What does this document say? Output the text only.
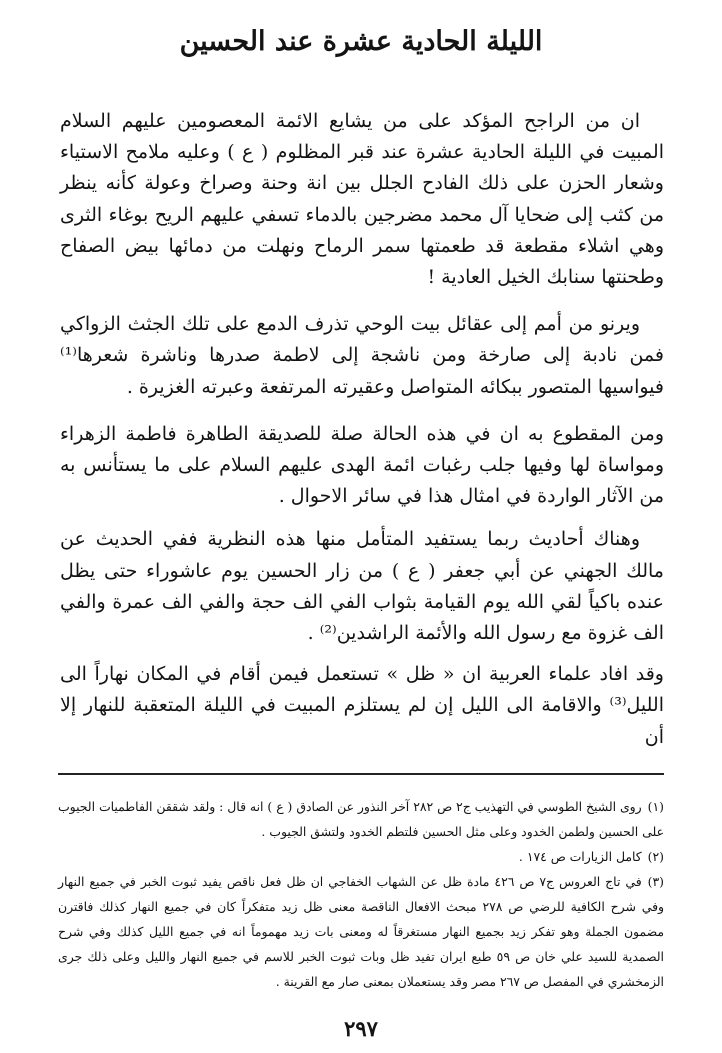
الليلة الحادية عشرة عند الحسين

ان من الراجح المؤكد على من يشايع الائمة المعصومين عليهم السلام المبيت في الليلة الحادية عشرة عند قبر المظلوم ( ع ) وعليه ملامح الاستياء وشعار الحزن على ذلك الفادح الجلل بين انة وحنة وصراخ وعولة كأنه ينظر من كثب إلى ضحايا آل محمد مضرجين بالدماء تسفي عليهم الريح بوغاء الثرى وهي اشلاء مقطعة قد طعمتها سمر الرماح ونهلت من دمائها بيض الصفاح وطحنتها سنابك الخيل العادية !

ويرنو من أمم إلى عقائل بيت الوحي تذرف الدمع على تلك الجثث الزواكي فمن نادبة إلى صارخة ومن ناشجة إلى لاطمة صدرها وناشرة شعرها⁽¹⁾ فيواسيها المتصور ببكائه المتواصل وعقيرته المرتفعة وعبرته الغزيرة .

ومن المقطوع به ان في هذه الحالة صلة للصديقة الطاهرة فاطمة الزهراء ومواساة لها وفيها جلب رغبات ائمة الهدى عليهم السلام على ما يستأنس به من الآثار الواردة في امثال هذا في سائر الاحوال .

وهناك أحاديث ربما يستفيد المتأمل منها هذه النظرية ففي الحديث عن مالك الجهني عن أبي جعفر ( ع ) من زار الحسين يوم عاشوراء حتى يظل عنده باكياً لقي الله يوم القيامة بثواب الفي الف حجة والفي الف عمرة والفي الف غزوة مع رسول الله والأئمة الراشدين⁽²⁾ .

وقد افاد علماء العربية ان « ظل » تستعمل فيمن أقام في المكان نهاراً الى الليل⁽³⁾ والاقامة الى الليل إن لم يستلزم المبيت في الليلة المتعقبة للنهار إلا أن

(١)روى الشيخ الطوسي في التهذيب ج٢ ص ٢٨٢ آخر النذور عن الصادق ( ع ) انه قال : ولقد شققن الفاطميات الجيوب على الحسين ولطمن الخدود وعلى مثل الحسين فلتطم الخدود ولتشق الجيوب .

(٢)كامل الزيارات ص ١٧٤ .

(٣)في تاج العروس ج٧ ص ٤٢٦ مادة ظل عن الشهاب الخفاجي ان ظل فعل ناقص يفيد ثبوت الخبر في جميع النهار وفي شرح الكافية للرضي ص ٢٧٨ مبحث الافعال الناقصة معنى ظل زيد متفكراً كان في جميع النهار كذلك فاقترن مضمون الجملة وهو تفكر زيد بجميع النهار مستغرقاً له ومعنى بات زيد مهموماً انه في جميع الليل كذلك وفي شرح الصمدية للسيد علي خان ص ٥٩ طبع ايران تفيد ظل وبات ثبوت الخبر للاسم في جميع النهار والليل وعلى ذلك جرى الزمخشري في المفصل ص ٢٦٧ مصر وقد يستعملان بمعنى صار مع القرينة .

٢٩٧
